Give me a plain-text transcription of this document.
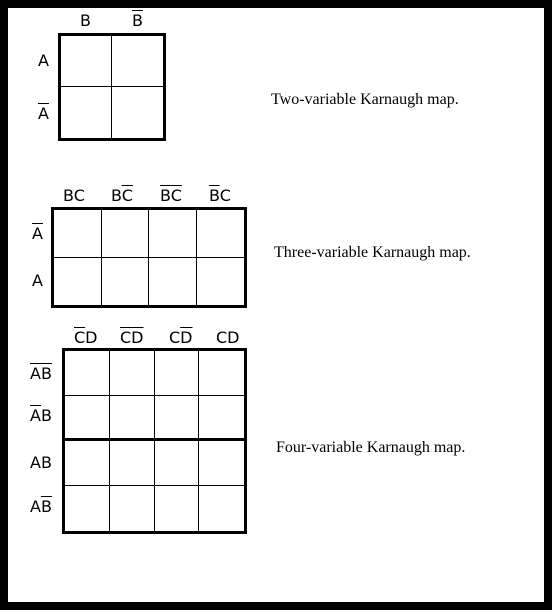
B	$\overline{B}$
A
$\overline{A}$
Two-variable Karnaugh map.
BC $B\overline{C}$ $\overline{B}\overline{C}$ $\overline{B}C$
$\overline{A}$
A
Three-variable Karnaugh map.
$\overline{C}D$ $\overline{C}\overline{D}$ $C\overline{D}$ CD
$\overline{A}\overline{B}$
$\overline{A}B$
AB
$A\overline{B}$
Four-variable Karnaugh map.
